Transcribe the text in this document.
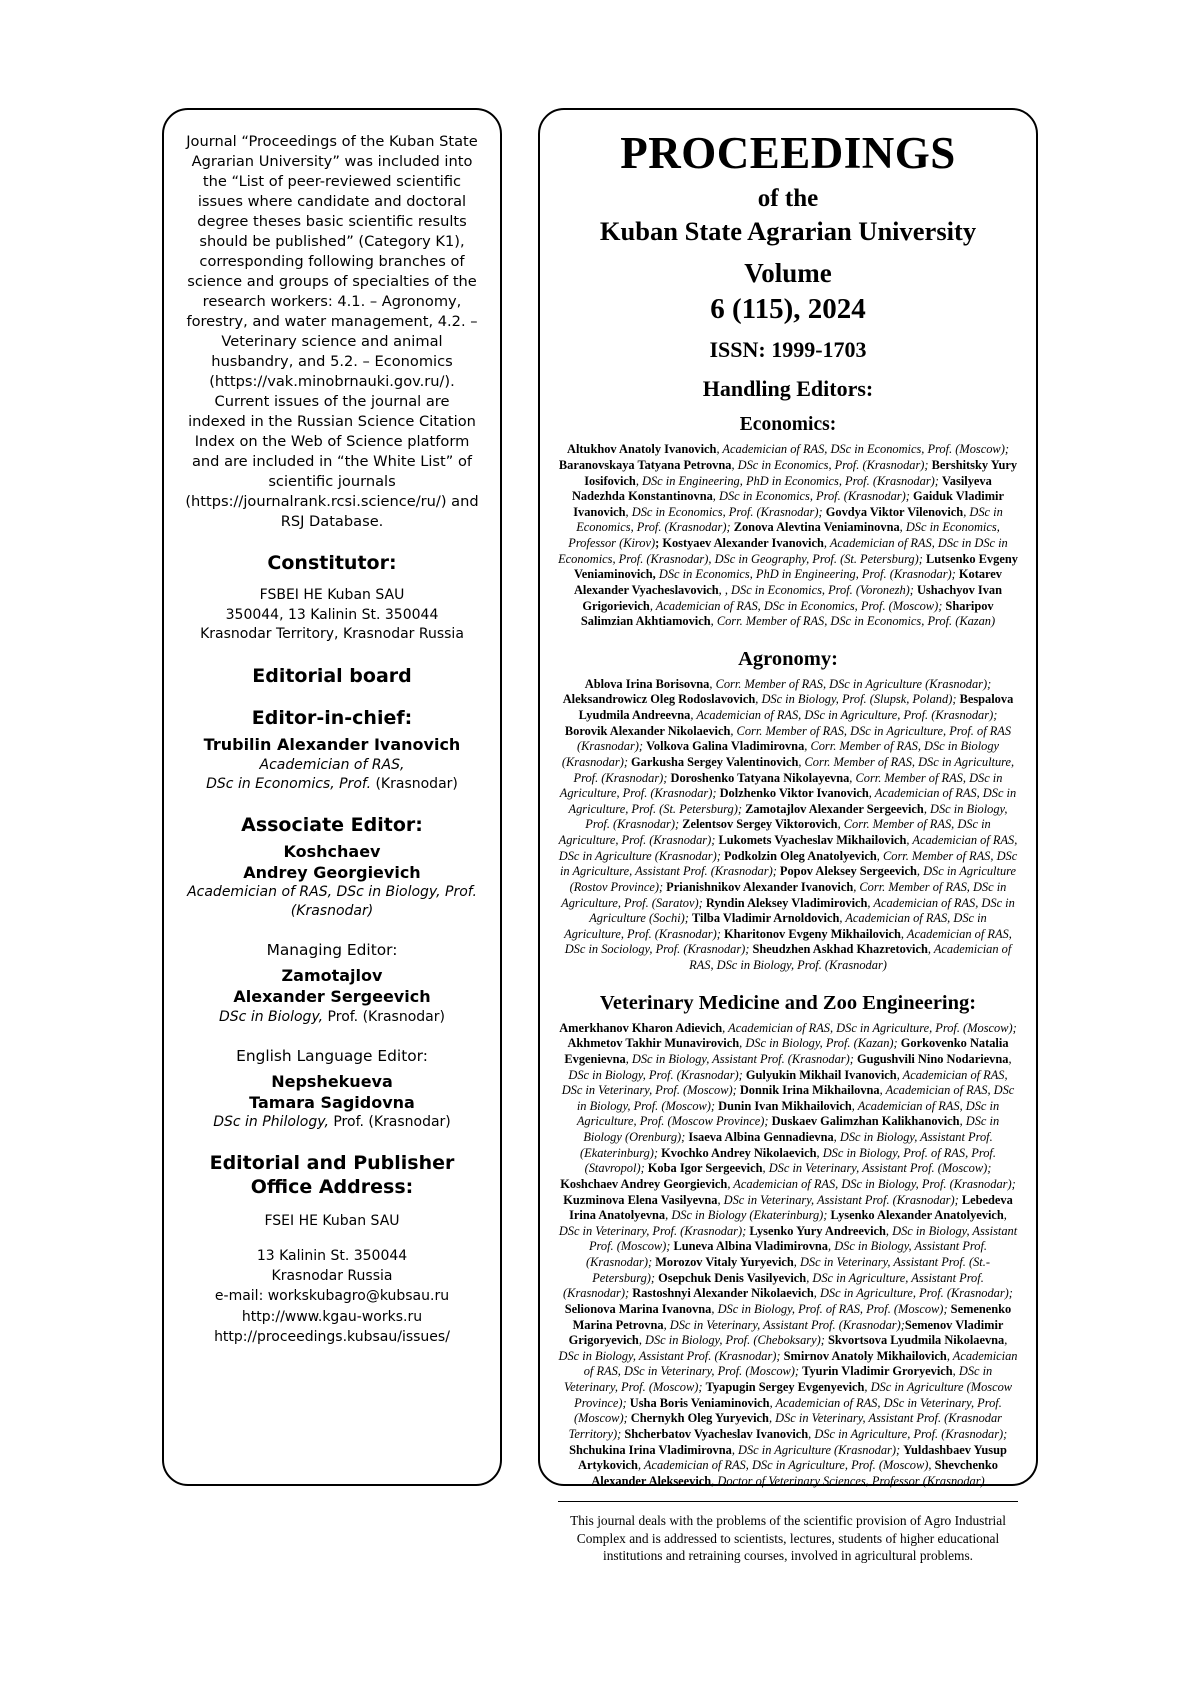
Journal “Proceedings of the Kuban State Agrarian University” was included into the “List of peer-reviewed scientific issues where candidate and doctoral degree theses basic scientific results should be published” (Category K1), corresponding following branches of science and groups of specialties of the research workers: 4.1. – Agronomy, forestry, and water management, 4.2. – Veterinary science and animal husbandry, and 5.2. – Economics (https://vak.minobrnauki.gov.ru/). Current issues of the journal are indexed in the Russian Science Citation Index on the Web of Science platform and are included in “the White List” of scientific journals (https://journalrank.rcsi.science/ru/) and RSJ Database.
Constitutor:
FSBEI HE Kuban SAU
350044, 13 Kalinin St. 350044
Krasnodar Territory, Krasnodar Russia
Editorial board
Editor-in-chief:
Trubilin Alexander Ivanovich
Academician of RAS,
DSc in Economics, Prof. (Krasnodar)
Associate Editor:
Koshchaev
Andrey Georgievich
Academician of RAS, DSc in Biology, Prof.
(Krasnodar)
Managing Editor:
Zamotajlov
Alexander Sergeevich
DSc in Biology, Prof. (Krasnodar)
English Language Editor:
Nepshekueva
Tamara Sagidovna
DSc in Philology, Prof. (Krasnodar)
Editorial and Publisher Office Address:
FSEI HE Kuban SAU
13 Kalinin St. 350044
Krasnodar Russia
e-mail: workskubagro@kubsau.ru
http://www.kgau-works.ru
http://proceedings.kubsau/issues/
PROCEEDINGS
of the
Kuban State Agrarian University
Volume
6 (115), 2024
ISSN: 1999-1703
Handling Editors:
Economics:
Altukhov Anatoly Ivanovich, Academician of RAS, DSc in Economics, Prof. (Moscow); Baranovskaya Tatyana Petrovna, DSc in Economics, Prof. (Krasnodar); Bershitsky Yury Iosifovich, DSc in Engineering, PhD in Economics, Prof. (Krasnodar); Vasilyeva Nadezhda Konstantinovna, DSc in Economics, Prof. (Krasnodar); Gaiduk Vladimir Ivanovich, DSc in Economics, Prof. (Krasnodar); Govdya Viktor Vilenovich, DSc in Economics, Prof. (Krasnodar); Zonova Alevtina Veniaminovna, DSc in Economics, Professor (Kirov); Kostyaev Alexander Ivanovich, Academician of RAS, DSc in DSc in Economics, Prof. (Krasnodar), DSc in Geography, Prof. (St. Petersburg); Lutsenko Evgeny Veniaminovich, DSc in Economics, PhD in Engineering, Prof. (Krasnodar); Kotarev Alexander Vyacheslavovich, , DSc in Economics, Prof. (Voronezh); Ushachyov Ivan Grigorievich, Academician of RAS, DSc in Economics, Prof. (Moscow); Sharipov Salimzian Akhtiamovich, Corr. Member of RAS, DSc in Economics, Prof. (Kazan)
Agronomy:
Ablova Irina Borisovna, Corr. Member of RAS, DSc in Agriculture (Krasnodar); Aleksandrowicz Oleg Rodoslavovich, DSc in Biology, Prof. (Slupsk, Poland); Bespalova Lyudmila Andreevna, Academician of RAS, DSc in Agriculture, Prof. (Krasnodar); Borovik Alexander Nikolaevich, Corr. Member of RAS, DSc in Agriculture, Prof. of RAS (Krasnodar); Volkova Galina Vladimirovna, Corr. Member of RAS, DSc in Biology (Krasnodar); Garkusha Sergey Valentinovich, Corr. Member of RAS, DSc in Agriculture, Prof. (Krasnodar); Doroshenko Tatyana Nikolayevna, Corr. Member of RAS, DSc in Agriculture, Prof. (Krasnodar); Dolzhenko Viktor Ivanovich, Academician of RAS, DSc in Agriculture, Prof. (St. Petersburg); Zamotajlov Alexander Sergeevich, DSc in Biology, Prof. (Krasnodar); Zelentsov Sergey Viktorovich, Corr. Member of RAS, DSc in Agriculture, Prof. (Krasnodar); Lukomets Vyacheslav Mikhailovich, Academician of RAS, DSc in Agriculture (Krasnodar); Podkolzin Oleg Anatolyevich, Corr. Member of RAS, DSc in Agriculture, Assistant Prof. (Krasnodar); Popov Aleksey Sergeevich, DSc in Agriculture (Rostov Province); Prianishnikov Alexander Ivanovich, Corr. Member of RAS, DSc in Agriculture, Prof. (Saratov); Ryndin Aleksey Vladimirovich, Academician of RAS, DSc in Agriculture (Sochi); Tilba Vladimir Arnoldovich, Academician of RAS, DSc in Agriculture, Prof. (Krasnodar); Kharitonov Evgeny Mikhailovich, Academician of RAS, DSc in Sociology, Prof. (Krasnodar); Sheudzhen Askhad Khazretovich, Academician of RAS, DSc in Biology, Prof. (Krasnodar)
Veterinary Medicine and Zoo Engineering:
Amerkhanov Kharon Adievich, Academician of RAS, DSc in Agriculture, Prof. (Moscow); Akhmetov Takhir Munavirovich, DSc in Biology, Prof. (Kazan); Gorkovenko Natalia Evgenievna, DSc in Biology, Assistant Prof. (Krasnodar); Gugushvili Nino Nodarievna, DSc in Biology, Prof. (Krasnodar); Gulyukin Mikhail Ivanovich, Academician of RAS, DSc in Veterinary, Prof. (Moscow); Donnik Irina Mikhailovna, Academician of RAS, DSc in Biology, Prof. (Moscow); Dunin Ivan Mikhailovich, Academician of RAS, DSc in Agriculture, Prof. (Moscow Province); Duskaev Galimzhan Kalikhanovich, DSc in Biology (Orenburg); Isaeva Albina Gennadievna, DSc in Biology, Assistant Prof. (Ekaterinburg); Kvochko Andrey Nikolaevich, DSc in Biology, Prof. of RAS, Prof. (Stavropol); Koba Igor Sergeevich, DSc in Veterinary, Assistant Prof. (Moscow); Koshchaev Andrey Georgievich, Academician of RAS, DSc in Biology, Prof. (Krasnodar); Kuzminova Elena Vasilyevna, DSc in Veterinary, Assistant Prof. (Krasnodar); Lebedeva Irina Anatolyevna, DSc in Biology (Ekaterinburg); Lysenko Alexander Anatolyevich, DSc in Veterinary, Prof. (Krasnodar); Lysenko Yury Andreevich, DSc in Biology, Assistant Prof. (Moscow); Luneva Albina Vladimirovna, DSc in Biology, Assistant Prof. (Krasnodar); Morozov Vitaly Yuryevich, DSc in Veterinary, Assistant Prof. (St.-Petersburg); Osepchuk Denis Vasilyevich, DSc in Agriculture, Assistant Prof. (Krasnodar); Rastoshnyi Alexander Nikolaevich, DSc in Agriculture, Prof. (Krasnodar); Selionova Marina Ivanovna, DSc in Biology, Prof. of RAS, Prof. (Moscow); Semenenko Marina Petrovna, DSc in Veterinary, Assistant Prof. (Krasnodar);Semenov Vladimir Grigoryevich, DSc in Biology, Prof. (Cheboksary); Skvortsova Lyudmila Nikolaevna, DSc in Biology, Assistant Prof. (Krasnodar); Smirnov Anatoly Mikhailovich, Academician of RAS, DSc in Veterinary, Prof. (Moscow); Tyurin Vladimir Groryevich, DSc in Veterinary, Prof. (Moscow); Tyapugin Sergey Evgenyevich, DSc in Agriculture (Moscow Province); Usha Boris Veniaminovich, Academician of RAS, DSc in Veterinary, Prof. (Moscow); Chernykh Oleg Yuryevich, DSc in Veterinary, Assistant Prof. (Krasnodar Territory); Shcherbatov Vyacheslav Ivanovich, DSc in Agriculture, Prof. (Krasnodar); Shchukina Irina Vladimirovna, DSc in Agriculture (Krasnodar); Yuldashbaev Yusup Artykovich, Academician of RAS, DSc in Agriculture, Prof. (Moscow), Shevchenko Alexander Alekseevich, Doctor of Veterinary Sciences, Professor (Krasnodar)
This journal deals with the problems of the scientific provision of Agro Industrial Complex and is addressed to scientists, lectures, students of higher educational institutions and retraining courses, involved in agricultural problems.
